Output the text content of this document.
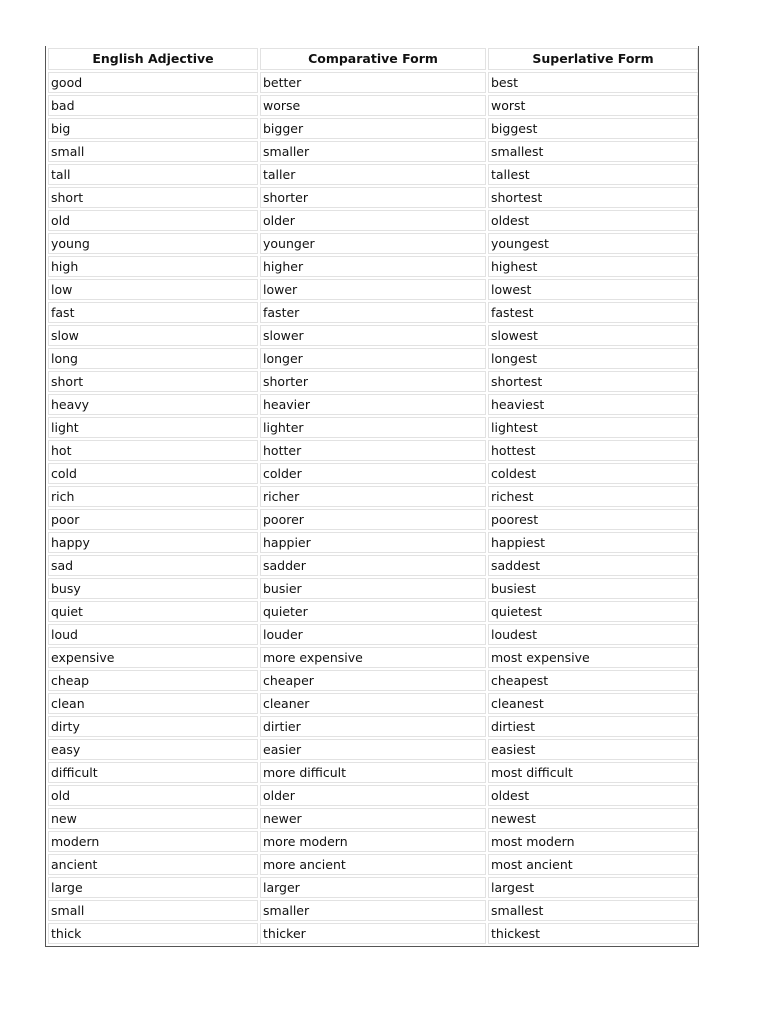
English Adjective	Comparative Form	Superlative Form
good	better	best
bad	worse	worst
big	bigger	biggest
small	smaller	smallest
tall	taller	tallest
short	shorter	shortest
old	older	oldest
young	younger	youngest
high	higher	highest
low	lower	lowest
fast	faster	fastest
slow	slower	slowest
long	longer	longest
short	shorter	shortest
heavy	heavier	heaviest
light	lighter	lightest
hot	hotter	hottest
cold	colder	coldest
rich	richer	richest
poor	poorer	poorest
happy	happier	happiest
sad	sadder	saddest
busy	busier	busiest
quiet	quieter	quietest
loud	louder	loudest
expensive	more expensive	most expensive
cheap	cheaper	cheapest
clean	cleaner	cleanest
dirty	dirtier	dirtiest
easy	easier	easiest
difficult	more difficult	most difficult
old	older	oldest
new	newer	newest
modern	more modern	most modern
ancient	more ancient	most ancient
large	larger	largest
small	smaller	smallest
thick	thicker	thickest
